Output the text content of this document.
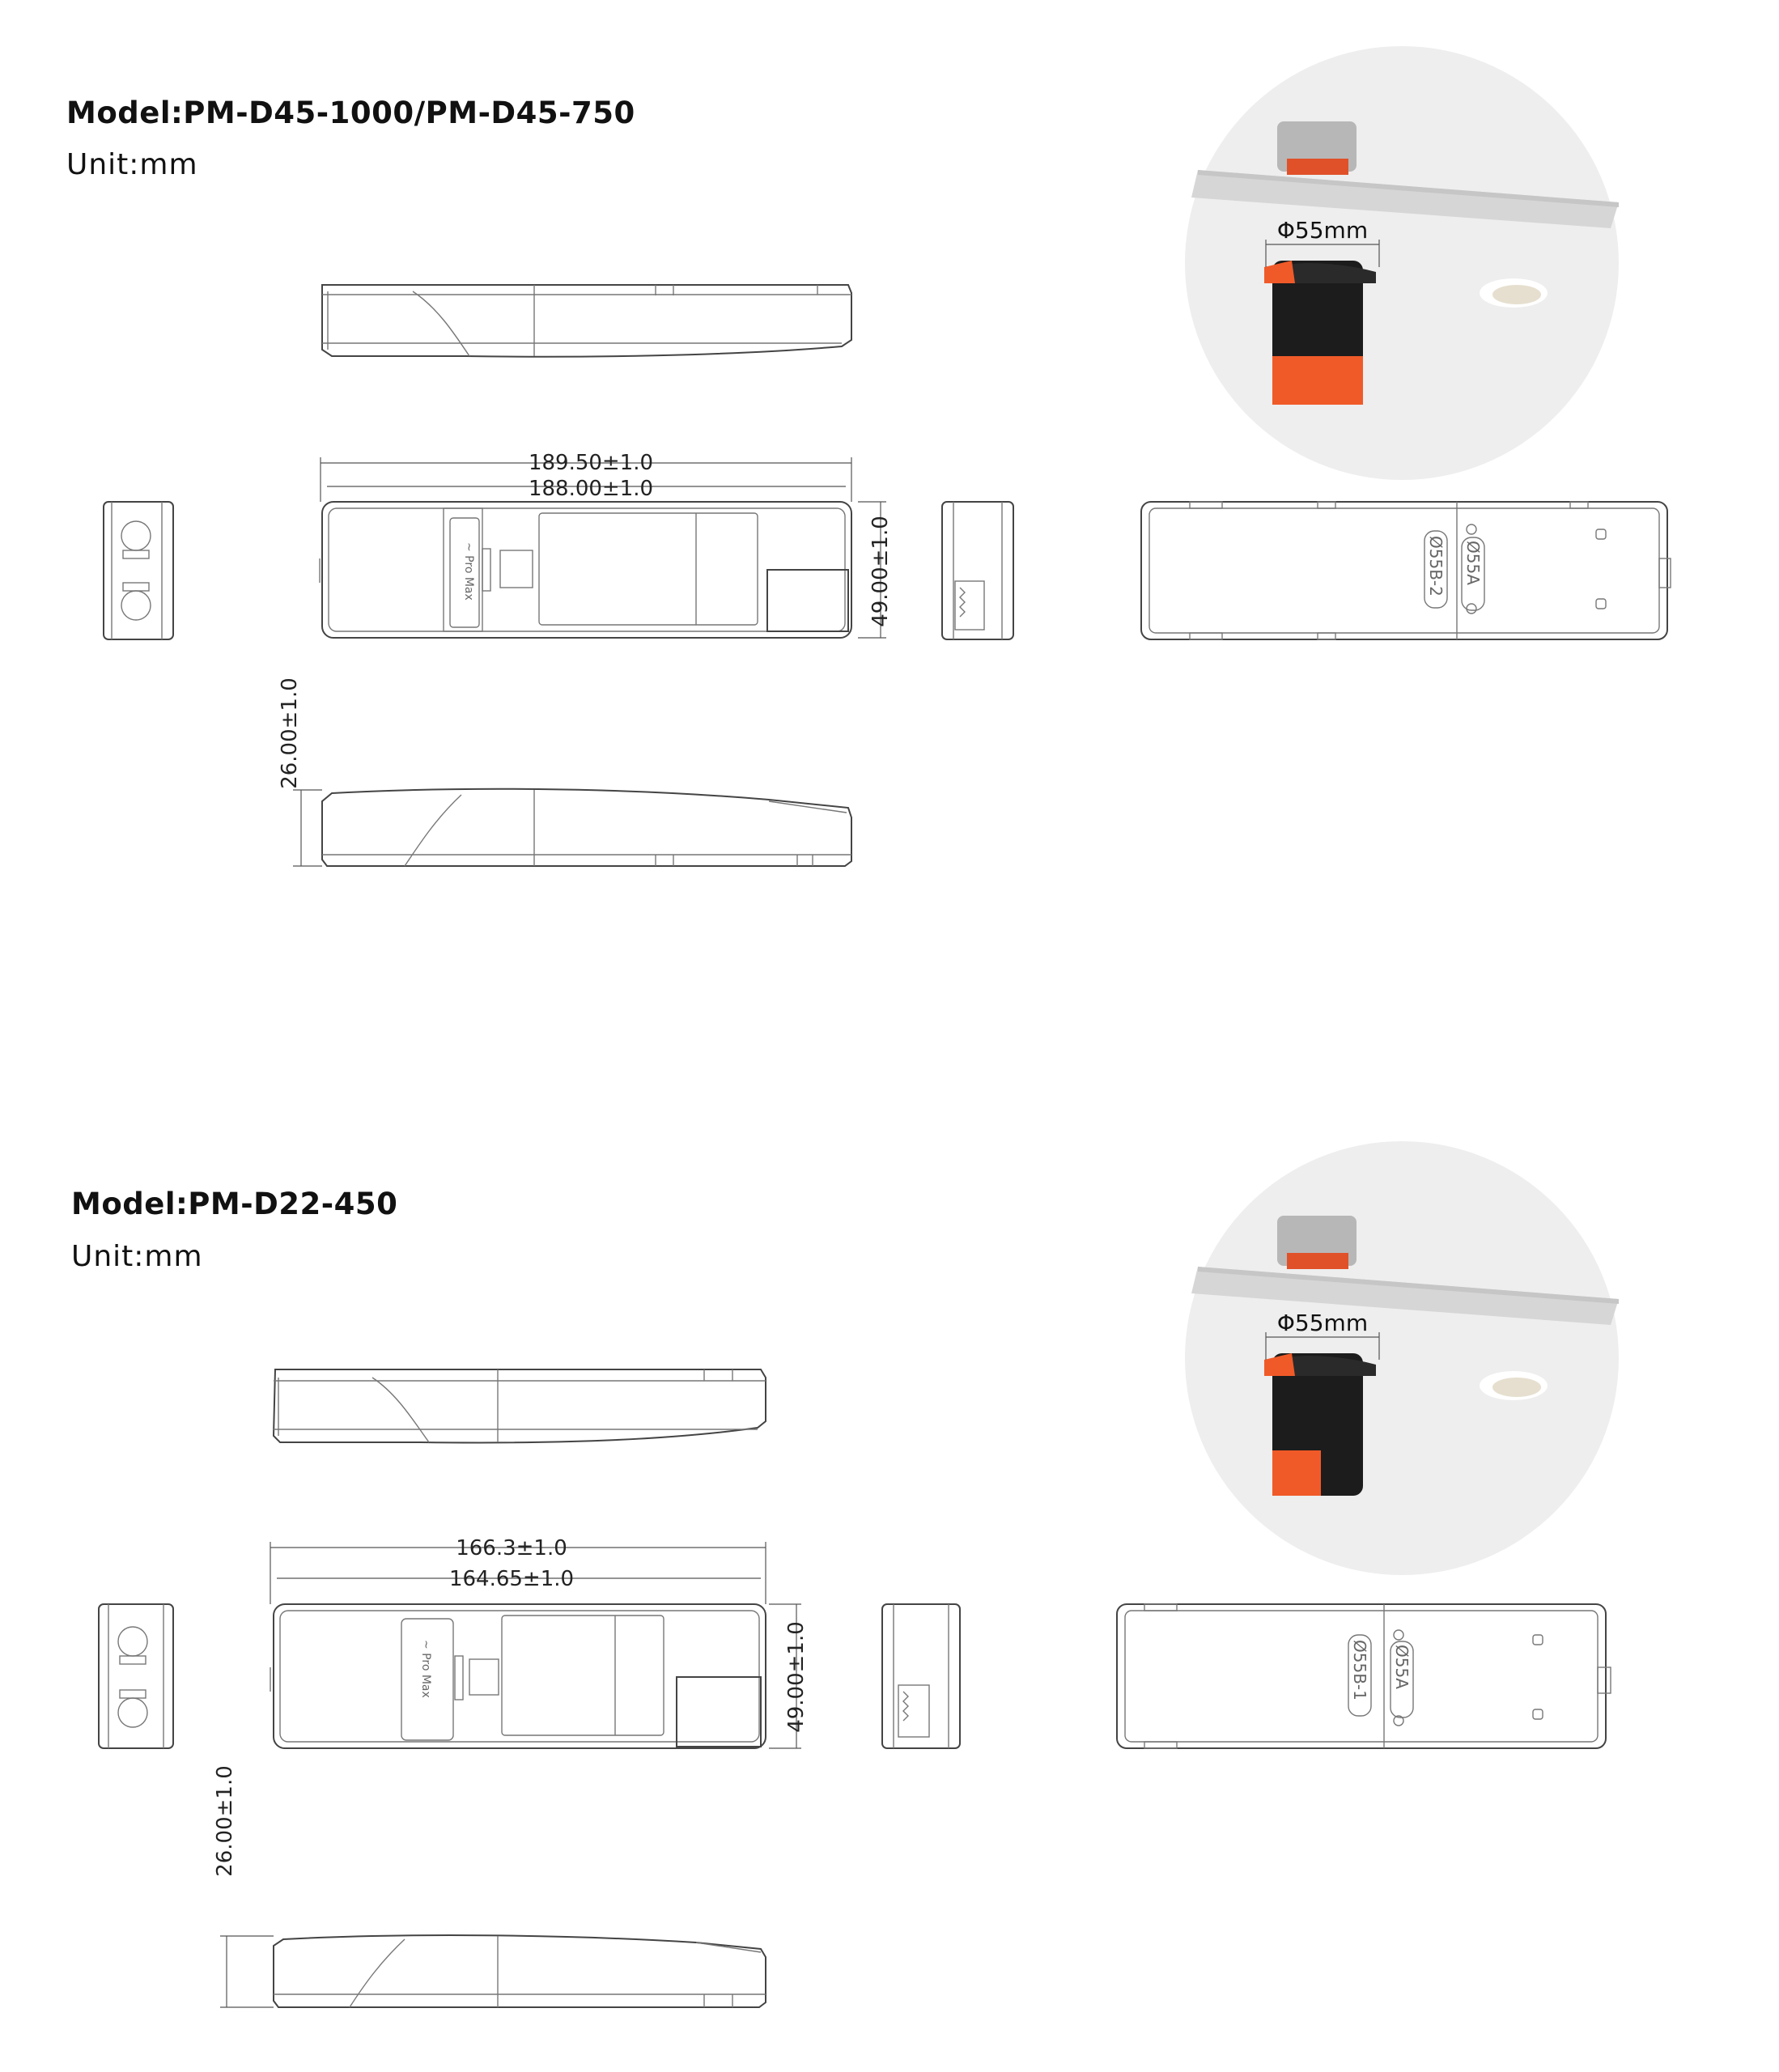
Model:PM-D45-1000/PM-D45-750
Unit:mm
189.50±1.0
188.00±1.0
~ Pro Max	49.00±1.0	Ø55B-2 Ø55A
26.00±1.0
Φ55mm
Model:PM-D22-450
Unit:mm
166.3±1.0
164.65±1.0
~ Pro Max	49.00±1.0	Ø55B-1 Ø55A
26.00±1.0
Φ55mm
